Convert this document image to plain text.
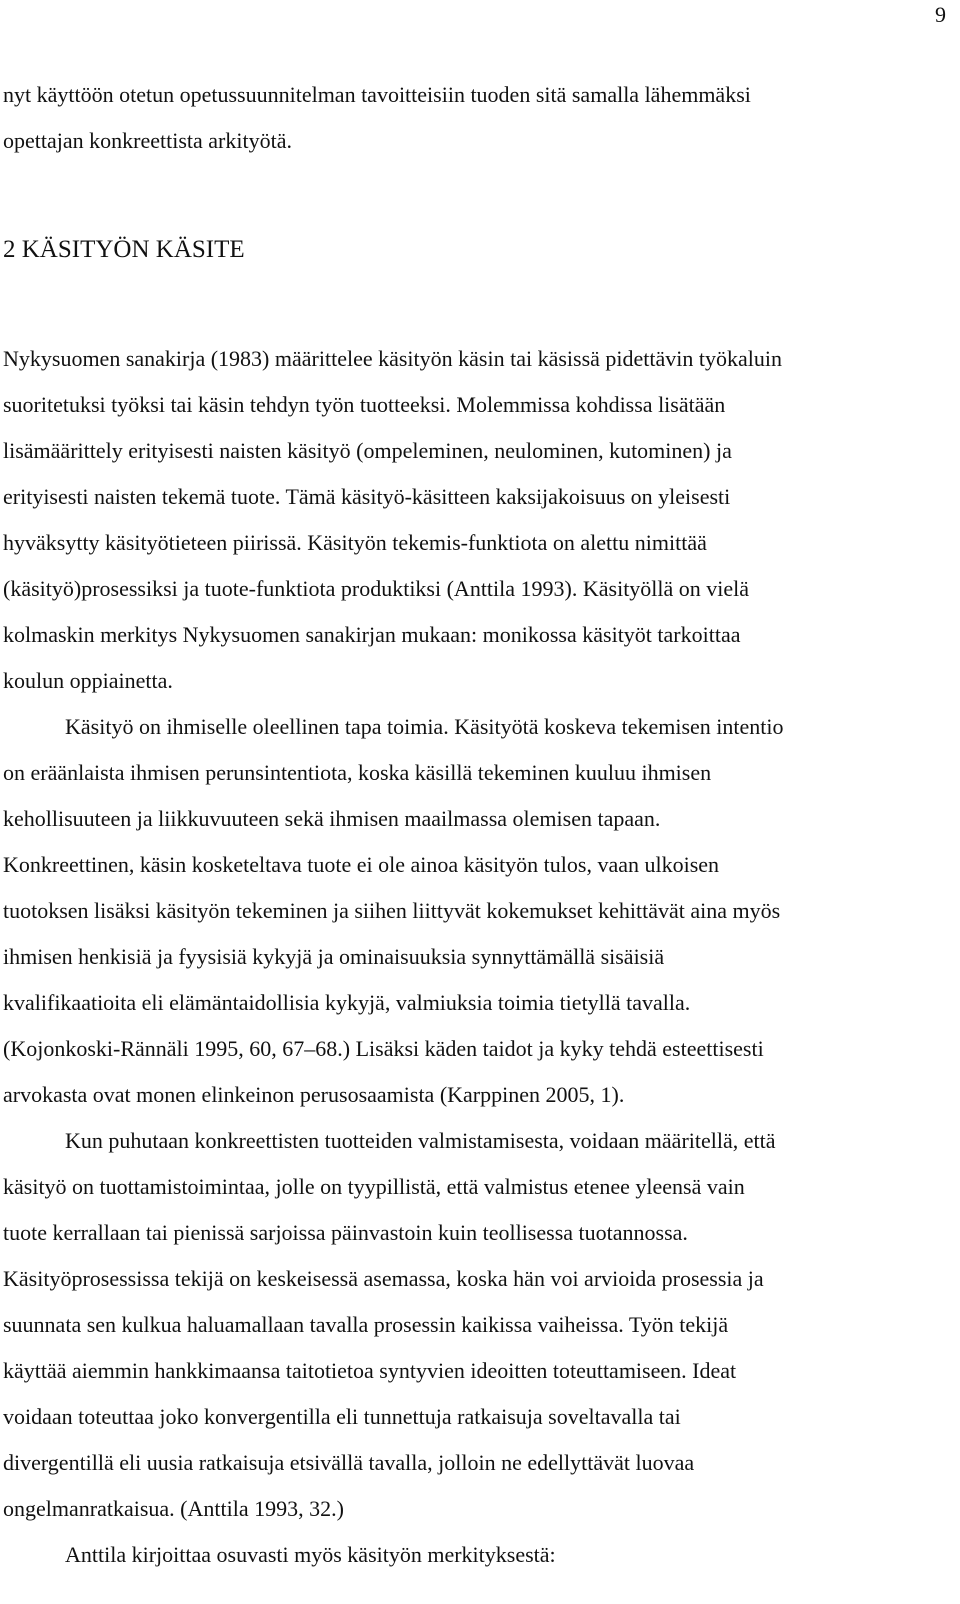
9
nyt käyttöön otetun opetussuunnitelman tavoitteisiin tuoden sitä samalla lähemmäksi
opettajan konkreettista arkityötä.
2 KÄSITYÖN KÄSITE
Nykysuomen sanakirja (1983) määrittelee käsityön käsin tai käsissä pidettävin työkaluin
suoritetuksi työksi tai käsin tehdyn työn tuotteeksi. Molemmissa kohdissa lisätään
lisämäärittely erityisesti naisten käsityö (ompeleminen, neulominen, kutominen) ja
erityisesti naisten tekemä tuote. Tämä käsityö-käsitteen kaksijakoisuus on yleisesti
hyväksytty käsityötieteen piirissä. Käsityön tekemis-funktiota on alettu nimittää
(käsityö)prosessiksi ja tuote-funktiota produktiksi (Anttila 1993). Käsityöllä on vielä
kolmaskin merkitys Nykysuomen sanakirjan mukaan: monikossa käsityöt tarkoittaa
koulun oppiainetta.
Käsityö on ihmiselle oleellinen tapa toimia. Käsityötä koskeva tekemisen intentio
on eräänlaista ihmisen perunsintentiota, koska käsillä tekeminen kuuluu ihmisen
kehollisuuteen ja liikkuvuuteen sekä ihmisen maailmassa olemisen tapaan.
Konkreettinen, käsin kosketeltava tuote ei ole ainoa käsityön tulos, vaan ulkoisen
tuotoksen lisäksi käsityön tekeminen ja siihen liittyvät kokemukset kehittävät aina myös
ihmisen henkisiä ja fyysisiä kykyjä ja ominaisuuksia synnyttämällä sisäisiä
kvalifikaatioita eli elämäntaidollisia kykyjä, valmiuksia toimia tietyllä tavalla.
(Kojonkoski-Rännäli 1995, 60, 67–68.) Lisäksi käden taidot ja kyky tehdä esteettisesti
arvokasta ovat monen elinkeinon perusosaamista (Karppinen 2005, 1).
Kun puhutaan konkreettisten tuotteiden valmistamisesta, voidaan määritellä, että
käsityö on tuottamistoimintaa, jolle on tyypillistä, että valmistus etenee yleensä vain
tuote kerrallaan tai pienissä sarjoissa päinvastoin kuin teollisessa tuotannossa.
Käsityöprosessissa tekijä on keskeisessä asemassa, koska hän voi arvioida prosessia ja
suunnata sen kulkua haluamallaan tavalla prosessin kaikissa vaiheissa. Työn tekijä
käyttää aiemmin hankkimaansa taitotietoa syntyvien ideoitten toteuttamiseen. Ideat
voidaan toteuttaa joko konvergentilla eli tunnettuja ratkaisuja soveltavalla tai
divergentillä eli uusia ratkaisuja etsivällä tavalla, jolloin ne edellyttävät luovaa
ongelmanratkaisua. (Anttila 1993, 32.)
Anttila kirjoittaa osuvasti myös käsityön merkityksestä:
